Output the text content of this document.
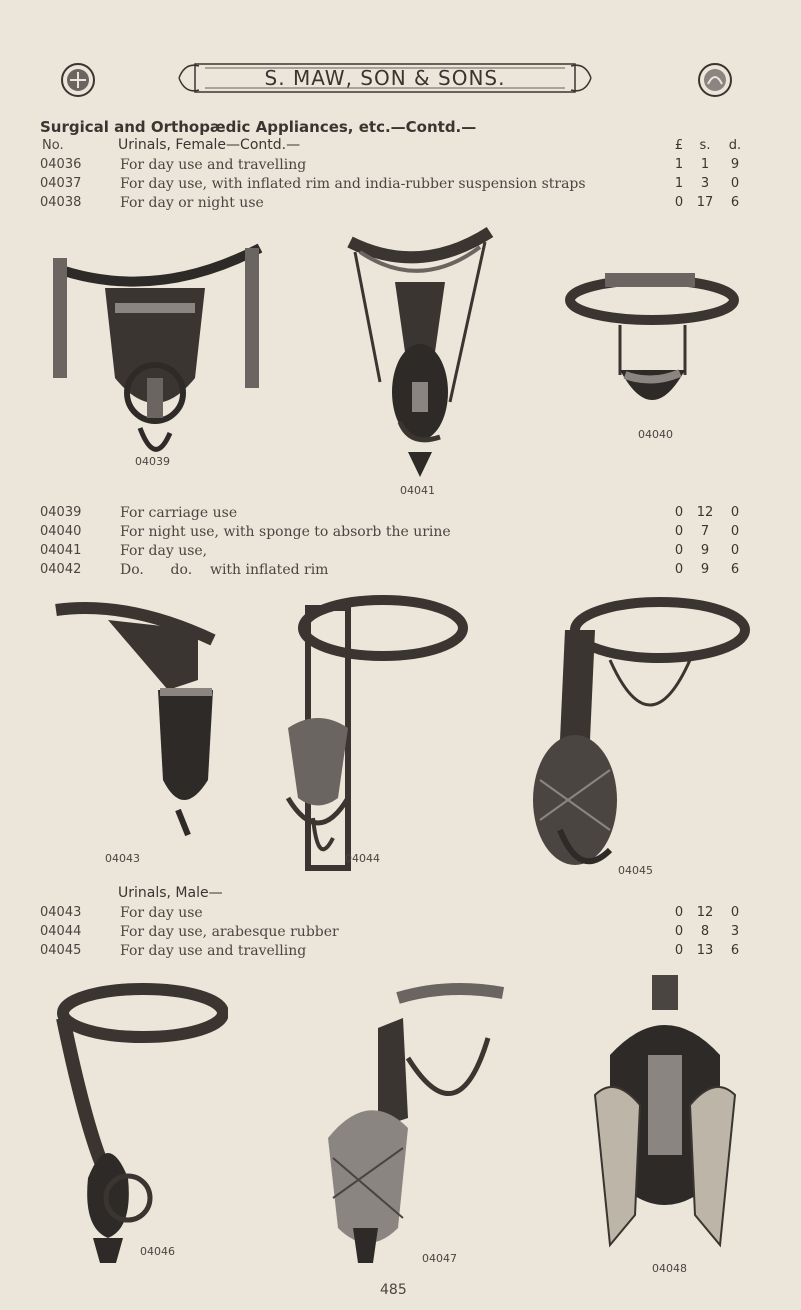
S. MAW, SON & SONS.
Surgical and Orthopædic Appliances, etc.—Contd.—
No.	Urinals, Female—Contd.—	£	s.	d.
04036	For day use and travelling	1	1	9
04037	For day use, with inflated rim and india-rubber suspension straps	1	3	0
04038	For day or night use	0	17	6
04039
04041
04040
04039	For carriage use	0	12	0
04040	For night use, with sponge to absorb the urine	0	7	0
04041	For day use,	0	9	0
04042	Do.      do.    with inflated rim	0	9	6
04043	04044
04045
Urinals, Male—
04043	For day use	0	12	0
04044	For day use, arabesque rubber	0	8	3
04045	For day use and travelling	0	13	6
04046
04047
04048
485
